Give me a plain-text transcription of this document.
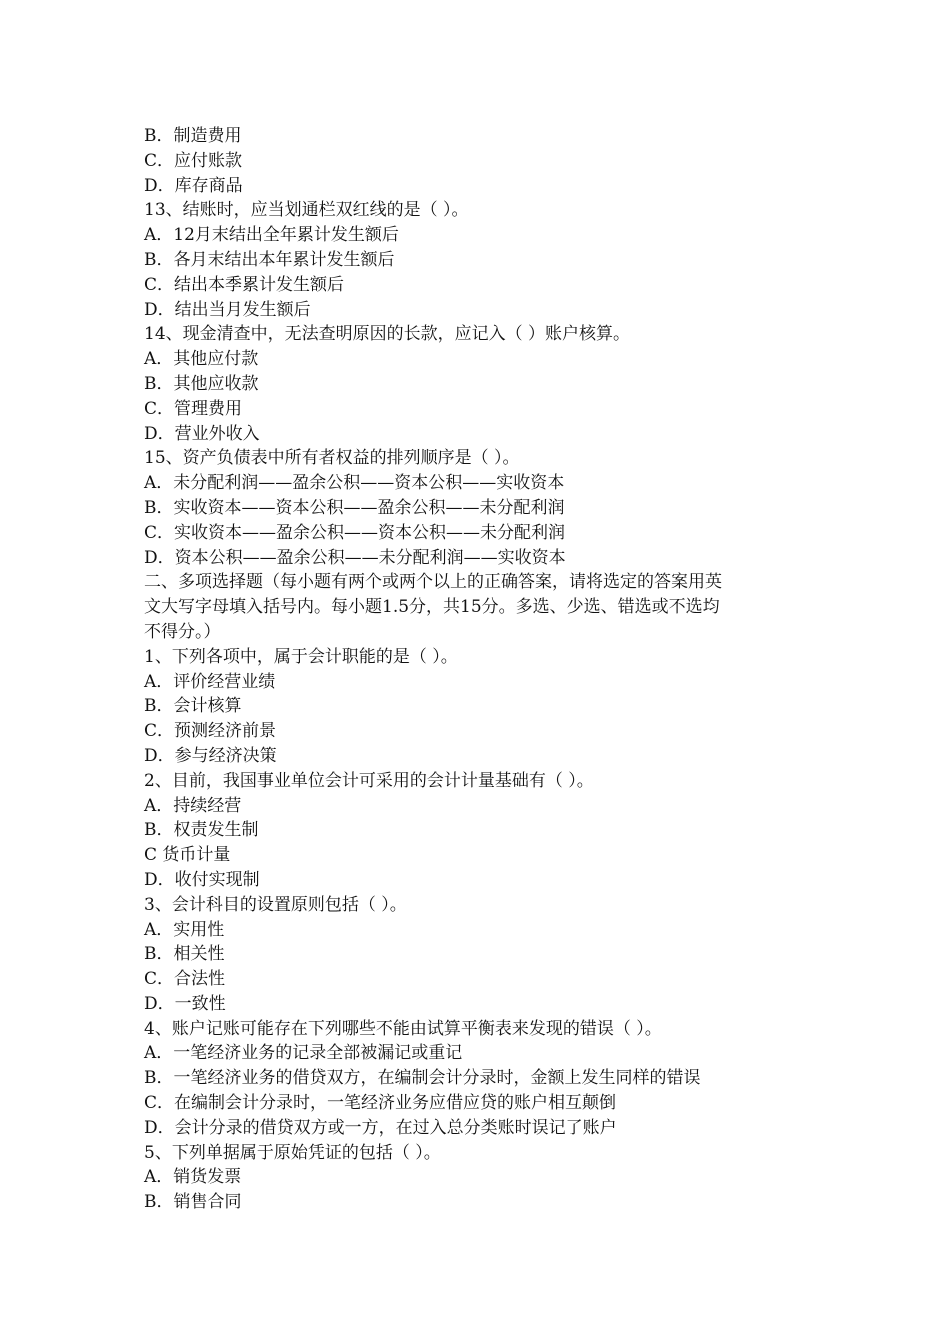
B．制造费用
C．应付账款
D．库存商品
13、结账时，应当划通栏双红线的是（ ）。
A．12月末结出全年累计发生额后
B．各月末结出本年累计发生额后
C．结出本季累计发生额后
D．结出当月发生额后
14、现金清查中，无法查明原因的长款，应记入（ ）账户核算。
A．其他应付款
B．其他应收款
C．管理费用
D．营业外收入
15、资产负债表中所有者权益的排列顺序是（ ）。
A．未分配利润——盈余公积——资本公积——实收资本
B．实收资本——资本公积——盈余公积——未分配利润
C．实收资本——盈余公积——资本公积——未分配利润
D．资本公积——盈余公积——未分配利润——实收资本
二、多项选择题（每小题有两个或两个以上的正确答案，请将选定的答案用英
文大写字母填入括号内。每小题1.5分，共15分。多选、少选、错选或不选均
不得分。）
1、下列各项中，属于会计职能的是（ ）。
A．评价经营业绩
B．会计核算
C．预测经济前景
D．参与经济决策
2、目前，我国事业单位会计可采用的会计计量基础有（ ）。
A．持续经营
B．权责发生制
C 货币计量
D．收付实现制
3、会计科目的设置原则包括（ ）。
A．实用性
B．相关性
C．合法性
D．一致性
4、账户记账可能存在下列哪些不能由试算平衡表来发现的错误（ ）。
A．一笔经济业务的记录全部被漏记或重记
B．一笔经济业务的借贷双方，在编制会计分录时，金额上发生同样的错误
C．在编制会计分录时，一笔经济业务应借应贷的账户相互颠倒
D．会计分录的借贷双方或一方，在过入总分类账时误记了账户
5、下列单据属于原始凭证的包括（ ）。
A．销货发票
B．销售合同
